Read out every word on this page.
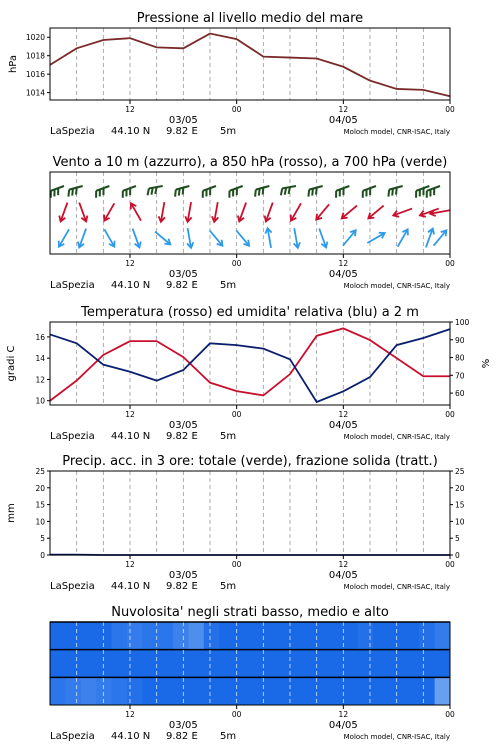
Pressione al livello medio del mare
1014
1016
1018
1020
hPa
12	00	12	00
03/05	04/05
LaSpezia 44.10 N 9.82 E 5m	Moloch model, CNR-ISAC, Italy
Vento a 10 m (azzurro), a 850 hPa (rosso), a 700 hPa (verde)
12	00	12	00
03/05	04/05
LaSpezia 44.10 N 9.82 E 5m	Moloch model, CNR-ISAC, Italy
Temperatura (rosso) ed umidita' relativa (blu) a 2 m
10
12
14
16
60
70
80
90
100
gradi C	%
12	00	12	00
03/05	04/05
LaSpezia 44.10 N 9.82 E 5m	Moloch model, CNR-ISAC, Italy
Precip. acc. in 3 ore: totale (verde), frazione solida (tratt.)
0
5
10
15
20
25
0
5
10
15
20
25
mm
12	00	12	00
03/05	04/05
LaSpezia 44.10 N 9.82 E 5m	Moloch model, CNR-ISAC, Italy
Nuvolosita' negli strati basso, medio e alto
12	00	12	00
03/05	04/05
LaSpezia 44.10 N 9.82 E 5m	Moloch model, CNR-ISAC, Italy
